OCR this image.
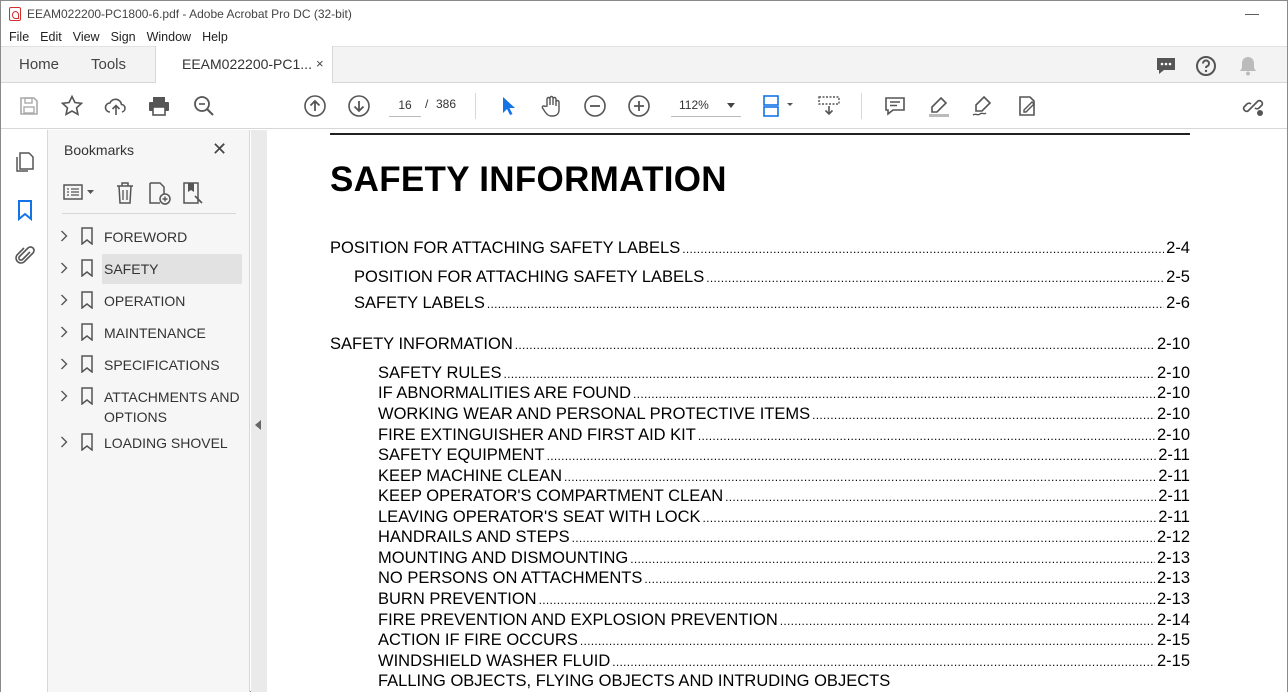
EEAM022200-PC1800-6.pdf - Adobe Acrobat Pro DC (32-bit)	—
File Edit View Sign Window Help
Home Tools	EEAM022200-PC1... ×
16	/ 386	112%
Bookmarks	✕
FOREWORD
SAFETY
OPERATION
MAINTENANCE
SPECIFICATIONS
ATTACHMENTS AND OPTIONS
LOADING SHOVEL
SAFETY INFORMATION
POSITION FOR ATTACHING SAFETY LABELS .....	2-4
POSITION FOR ATTACHING SAFETY LABELS .....	2-5
SAFETY LABELS .....	2-6
SAFETY INFORMATION .....	2-10
SAFETY RULES .....	2-10
IF ABNORMALITIES ARE FOUND .....	2-10
WORKING WEAR AND PERSONAL PROTECTIVE ITEMS .....	2-10
FIRE EXTINGUISHER AND FIRST AID KIT .....	2-10
SAFETY EQUIPMENT .....	2-11
KEEP MACHINE CLEAN .....	2-11
KEEP OPERATOR'S COMPARTMENT CLEAN .....	2-11
LEAVING OPERATOR'S SEAT WITH LOCK .....	2-11
HANDRAILS AND STEPS .....	2-12
MOUNTING AND DISMOUNTING .....	2-13
NO PERSONS ON ATTACHMENTS .....	2-13
BURN PREVENTION .....	2-13
FIRE PREVENTION AND EXPLOSION PREVENTION .....	2-14
ACTION IF FIRE OCCURS .....	2-15
WINDSHIELD WASHER FLUID .....	2-15
FALLING OBJECTS, FLYING OBJECTS AND INTRUDING OBJECTS
